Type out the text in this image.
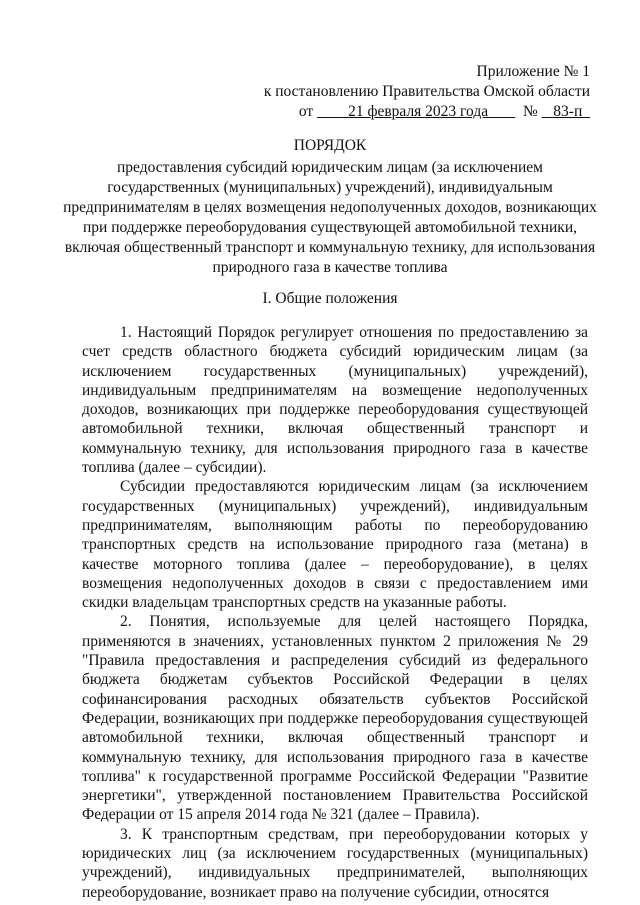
Приложение № 1
к постановлению Правительства Омской области
от 21 февраля 2023 года № 83-п
ПОРЯДОК
предоставления субсидий юридическим лицам (за исключением государственных (муниципальных) учреждений), индивидуальным предпринимателям в целях возмещения недополученных доходов, возникающих при поддержке переоборудования существующей автомобильной техники, включая общественный транспорт и коммунальную технику, для использования природного газа в качестве топлива
I. Общие положения

1. Настоящий Порядок регулирует отношения по предоставлению за счет средств областного бюджета субсидий юридическим лицам (за исключением государственных (муниципальных) учреждений), индивидуальным предпринимателям на возмещение недополученных доходов, возникающих при поддержке переоборудования существующей автомобильной техники, включая общественный транспорт и коммунальную технику, для использования природного газа в качестве топлива (далее – субсидии).

Субсидии предоставляются юридическим лицам (за исключением государственных (муниципальных) учреждений), индивидуальным предпринимателям, выполняющим работы по переоборудованию транспортных средств на использование природного газа (метана) в качестве моторного топлива (далее – переоборудование), в целях возмещения недополученных доходов в связи с предоставлением ими скидки владельцам транспортных средств на указанные работы.

2. Понятия, используемые для целей настоящего Порядка, применяются в значениях, установленных пунктом 2 приложения № 29 "Правила предоставления и распределения субсидий из федерального бюджета бюджетам субъектов Российской Федерации в целях софинансирования расходных обязательств субъектов Российской Федерации, возникающих при поддержке переоборудования существующей автомобильной техники, включая общественный транспорт и коммунальную технику, для использования природного газа в качестве топлива" к государственной программе Российской Федерации "Развитие энергетики", утвержденной постановлением Правительства Российской Федерации от 15 апреля 2014 года № 321 (далее – Правила).

3. К транспортным средствам, при переоборудовании которых у юридических лиц (за исключением государственных (муниципальных) учреждений), индивидуальных предпринимателей, выполняющих переоборудование, возникает право на получение субсидии, относятся
